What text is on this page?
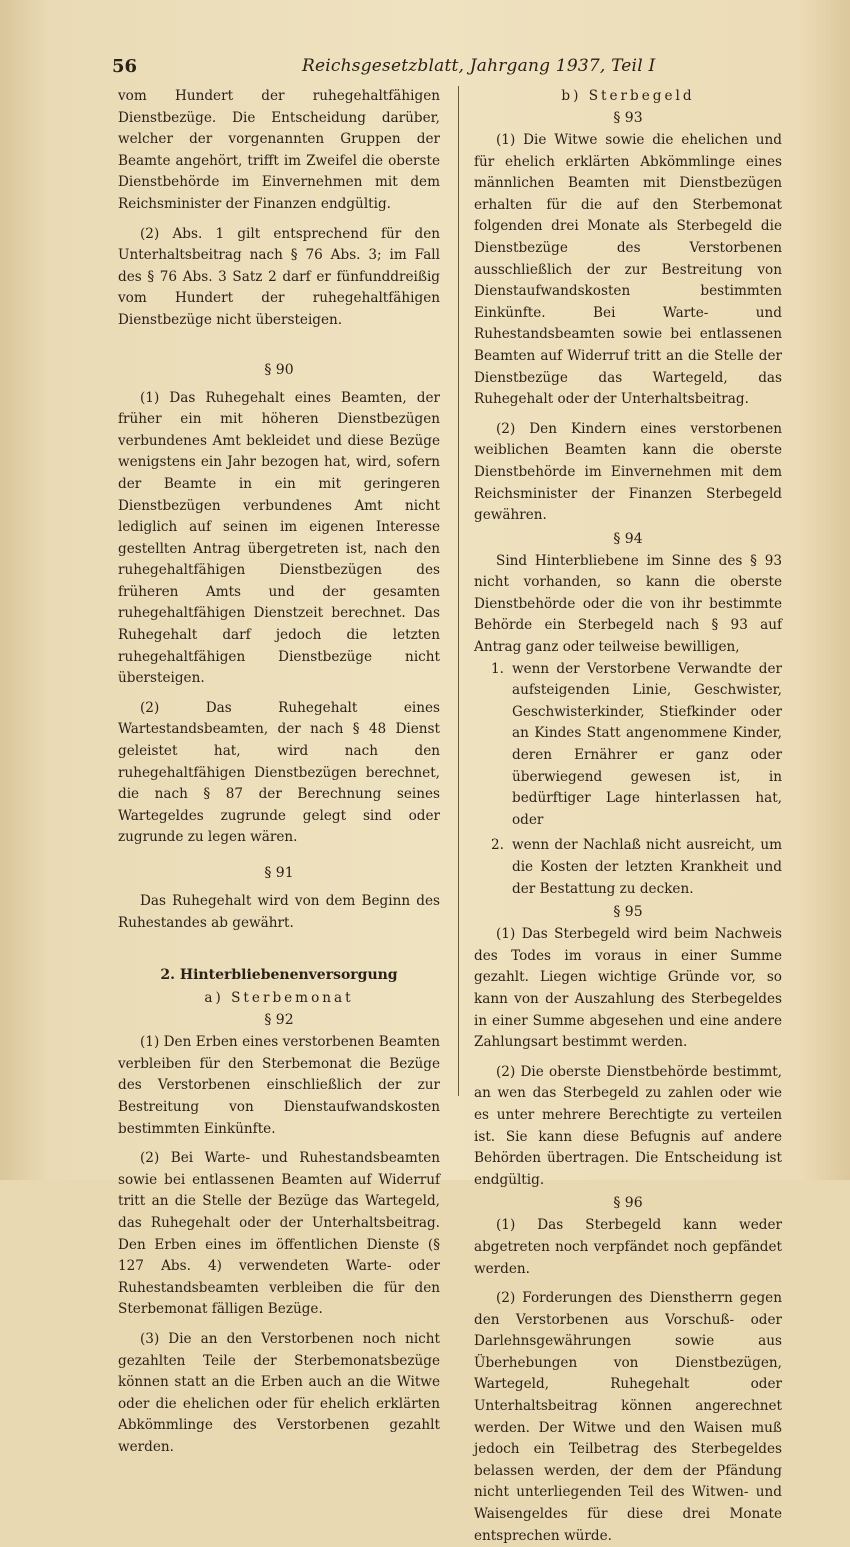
56	Reichsgesetzblatt, Jahrgang 1937, Teil I

vom Hundert der ruhegehaltfähigen Dienstbezüge. Die Entscheidung darüber, welcher der vorgenannten Gruppen der Beamte angehört, trifft im Zweifel die oberste Dienstbehörde im Einvernehmen mit dem Reichsminister der Finanzen endgültig.

(2) Abs. 1 gilt entsprechend für den Unterhaltsbeitrag nach § 76 Abs. 3; im Fall des § 76 Abs. 3 Satz 2 darf er fünfunddreißig vom Hundert der ruhegehaltfähigen Dienstbezüge nicht übersteigen.

§ 90

(1) Das Ruhegehalt eines Beamten, der früher ein mit höheren Dienstbezügen verbundenes Amt bekleidet und diese Bezüge wenigstens ein Jahr bezogen hat, wird, sofern der Beamte in ein mit geringeren Dienstbezügen verbundenes Amt nicht lediglich auf seinen im eigenen Interesse gestellten Antrag übergetreten ist, nach den ruhegehaltfähigen Dienstbezügen des früheren Amts und der gesamten ruhegehaltfähigen Dienstzeit berechnet. Das Ruhegehalt darf jedoch die letzten ruhegehaltfähigen Dienstbezüge nicht übersteigen.

(2) Das Ruhegehalt eines Wartestandsbeamten, der nach § 48 Dienst geleistet hat, wird nach den ruhegehaltfähigen Dienstbezügen berechnet, die nach § 87 der Berechnung seines Wartegeldes zugrunde gelegt sind oder zugrunde zu legen wären.

§ 91

Das Ruhegehalt wird von dem Beginn des Ruhestandes ab gewährt.

2. Hinterbliebenenversorgung
a) Sterbemonat
§ 92

(1) Den Erben eines verstorbenen Beamten verbleiben für den Sterbemonat die Bezüge des Verstorbenen einschließlich der zur Bestreitung von Dienstaufwandskosten bestimmten Einkünfte.

(2) Bei Warte- und Ruhestandsbeamten sowie bei entlassenen Beamten auf Widerruf tritt an die Stelle der Bezüge das Wartegeld, das Ruhegehalt oder der Unterhaltsbeitrag. Den Erben eines im öffentlichen Dienste (§ 127 Abs. 4) verwendeten Warte- oder Ruhestandsbeamten verbleiben die für den Sterbemonat fälligen Bezüge.

(3) Die an den Verstorbenen noch nicht gezahlten Teile der Sterbemonatsbezüge können statt an die Erben auch an die Witwe oder die ehelichen oder für ehelich erklärten Abkömmlinge des Verstorbenen gezahlt werden.

b) Sterbegeld
§ 93

(1) Die Witwe sowie die ehelichen und für ehelich erklärten Abkömmlinge eines männlichen Beamten mit Dienstbezügen erhalten für die auf den Sterbemonat folgenden drei Monate als Sterbegeld die Dienstbezüge des Verstorbenen ausschließlich der zur Bestreitung von Dienstaufwandskosten bestimmten Einkünfte. Bei Warte- und Ruhestandsbeamten sowie bei entlassenen Beamten auf Widerruf tritt an die Stelle der Dienstbezüge das Wartegeld, das Ruhegehalt oder der Unterhaltsbeitrag.

(2) Den Kindern eines verstorbenen weiblichen Beamten kann die oberste Dienstbehörde im Einvernehmen mit dem Reichsminister der Finanzen Sterbegeld gewähren.

§ 94

Sind Hinterbliebene im Sinne des § 93 nicht vorhanden, so kann die oberste Dienstbehörde oder die von ihr bestimmte Behörde ein Sterbegeld nach § 93 auf Antrag ganz oder teilweise bewilligen,

1. wenn der Verstorbene Verwandte der aufsteigenden Linie, Geschwister, Geschwisterkinder, Stiefkinder oder an Kindes Statt angenommene Kinder, deren Ernährer er ganz oder überwiegend gewesen ist, in bedürftiger Lage hinterlassen hat, oder
2. wenn der Nachlaß nicht ausreicht, um die Kosten der letzten Krankheit und der Bestattung zu decken.
§ 95

(1) Das Sterbegeld wird beim Nachweis des Todes im voraus in einer Summe gezahlt. Liegen wichtige Gründe vor, so kann von der Auszahlung des Sterbegeldes in einer Summe abgesehen und eine andere Zahlungsart bestimmt werden.

(2) Die oberste Dienstbehörde bestimmt, an wen das Sterbegeld zu zahlen oder wie es unter mehrere Berechtigte zu verteilen ist. Sie kann diese Befugnis auf andere Behörden übertragen. Die Entscheidung ist endgültig.

§ 96

(1) Das Sterbegeld kann weder abgetreten noch verpfändet noch gepfändet werden.

(2) Forderungen des Dienstherrn gegen den Verstorbenen aus Vorschuß- oder Darlehnsgewährungen sowie aus Überhebungen von Dienstbezügen, Wartegeld, Ruhegehalt oder Unterhaltsbeitrag können angerechnet werden. Der Witwe und den Waisen muß jedoch ein Teilbetrag des Sterbegeldes belassen werden, der dem der Pfändung nicht unterliegenden Teil des Witwen- und Waisengeldes für diese drei Monate entsprechen würde.
